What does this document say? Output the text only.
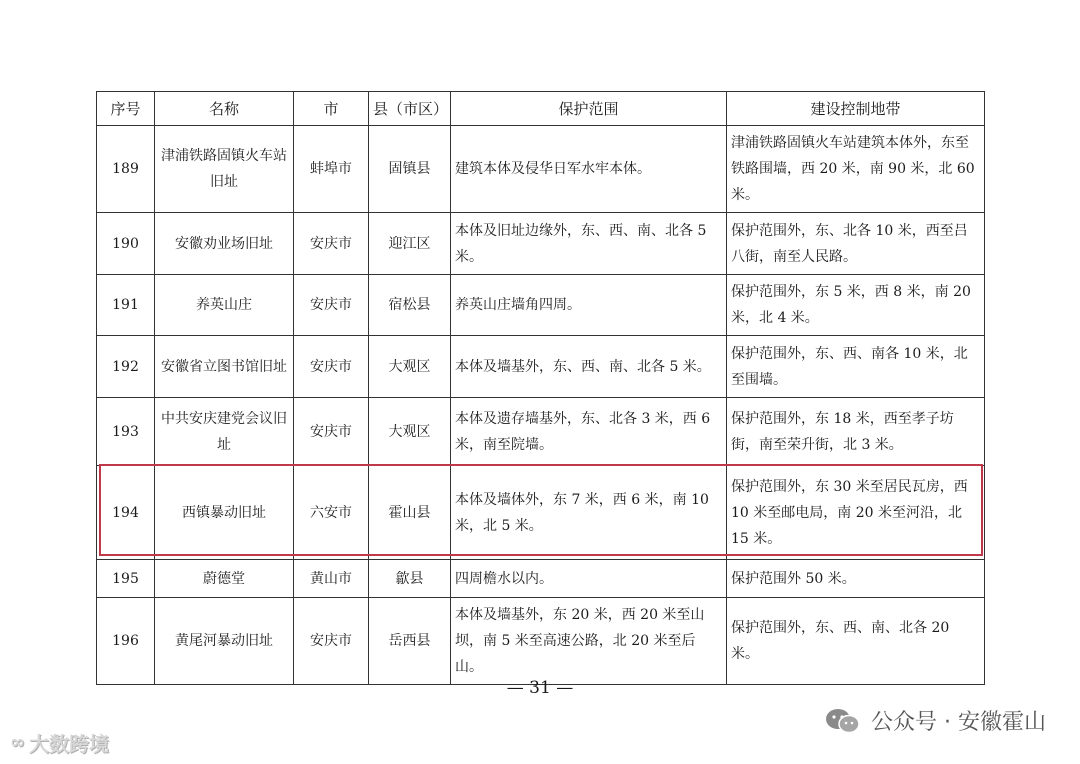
序号	名称	市	县（市区）	保护范围	建设控制地带
189	津浦铁路固镇火车站旧址	蚌埠市	固镇县	建筑本体及侵华日军水牢本体。	津浦铁路固镇火车站建筑本体外，东至铁路围墙，西 20 米，南 90 米，北 60 米。
190	安徽劝业场旧址	安庆市	迎江区	本体及旧址边缘外，东、西、南、北各 5 米。	保护范围外，东、北各 10 米，西至吕八街，南至人民路。
191	养英山庄	安庆市	宿松县	养英山庄墙角四周。	保护范围外，东 5 米，西 8 米，南 20 米，北 4 米。
192	安徽省立图书馆旧址	安庆市	大观区	本体及墙基外，东、西、南、北各 5 米。	保护范围外，东、西、南各 10 米，北至围墙。
193	中共安庆建党会议旧址	安庆市	大观区	本体及遗存墙基外，东、北各 3 米，西 6 米，南至院墙。	保护范围外，东 18 米，西至孝子坊街，南至荣升街，北 3 米。
194	西镇暴动旧址	六安市	霍山县	本体及墙体外，东 7 米，西 6 米，南 10 米，北 5 米。	保护范围外，东 30 米至居民瓦房，西 10 米至邮电局，南 20 米至河沿，北 15 米。
195	蔚德堂	黄山市	歙县	四周檐水以内。	保护范围外 50 米。
196	黄尾河暴动旧址	安庆市	岳西县	本体及墙基外，东 20 米，西 20 米至山坝，南 5 米至高速公路，北 20 米至后山。	保护范围外，东、西、南、北各 20 米。
— 31 —
∞ 大数跨境
公众号 · 安徽霍山
